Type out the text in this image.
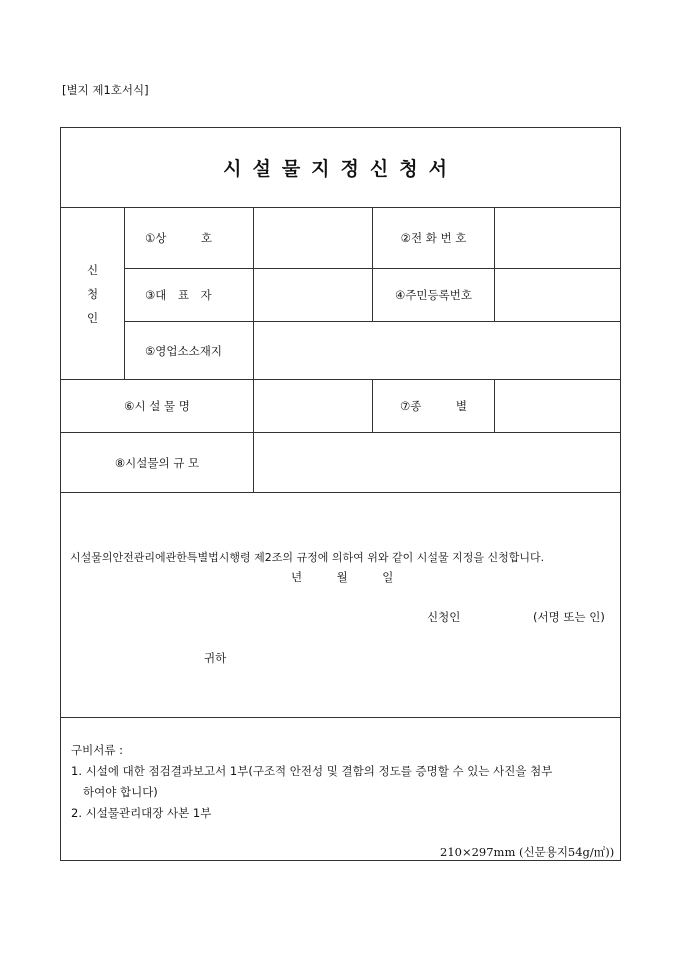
[별지 제1호서식]
시설물지정신청서				
신
청
인	①상　　　호		②전 화 번 호	
	③대　표　자		④주민등록번호	
	⑤영업소소재지			
⑥시 설 물 명			⑦종　　　별	
⑧시설물의 규 모				

시설물의안전관리에관한특별법시행령 제2조의 규정에 의하여 위와 같이 시설물 지정을 신청합니다.
년　　　월　　　일
신청인 (서명 또는 인)
귀하				

구비서류 :
1. 시설에 대한 점검결과보고서 1부(구조적 안전성 및 결함의 정도를 증명할 수 있는 사진을 첨부
하여야 합니다)
2. 시설물관리대장 사본 1부				
210×297mm (신문용지54g/㎡))
